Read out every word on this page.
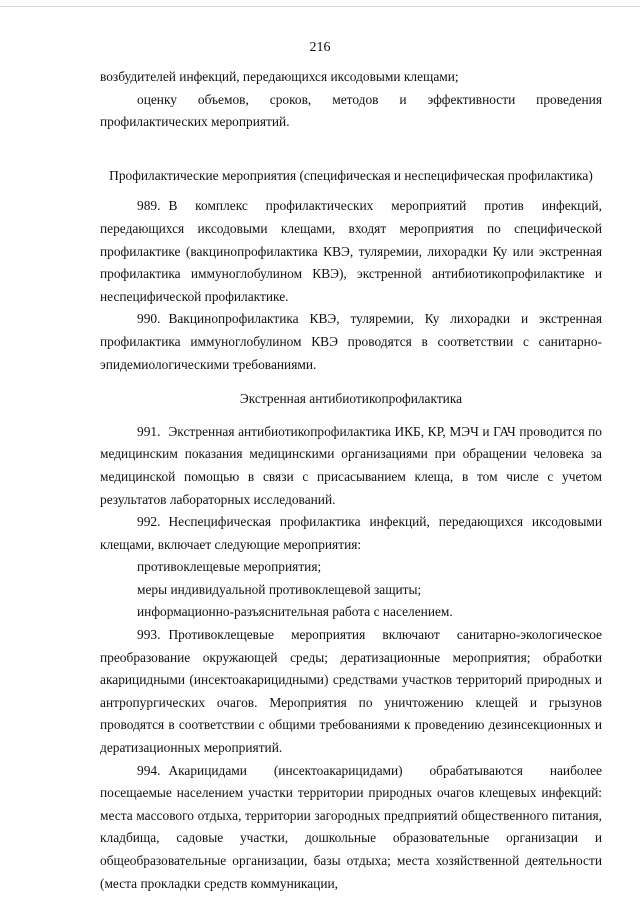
216

возбудителей инфекций, передающихся иксодовыми клещами;

оценку объемов, сроков, методов и эффективности проведения профилактических мероприятий.

Профилактические мероприятия (специфическая и неспецифическая профилактика)

989. В комплекс профилактических мероприятий против инфекций, передающихся иксодовыми клещами, входят мероприятия по специфической профилактике (вакцинопрофилактика КВЭ, туляремии, лихорадки Ку или экстренная профилактика иммуноглобулином КВЭ), экстренной антибиотикопрофилактике и неспецифической профилактике.

990. Вакцинопрофилактика КВЭ, туляремии, Ку лихорадки и экстренная профилактика иммуноглобулином КВЭ проводятся в соответствии с санитарно-эпидемиологическими требованиями.

Экстренная антибиотикопрофилактика

991. Экстренная антибиотикопрофилактика ИКБ, КР, МЭЧ и ГАЧ проводится по медицинским показания медицинскими организациями при обращении человека за медицинской помощью в связи с присасыванием клеща, в том числе с учетом результатов лабораторных исследований.

992. Неспецифическая профилактика инфекций, передающихся иксодовыми клещами, включает следующие мероприятия:

противоклещевые мероприятия;

меры индивидуальной противоклещевой защиты;

информационно-разъяснительная работа с населением.

993. Противоклещевые мероприятия включают санитарно-экологическое преобразование окружающей среды; дератизационные мероприятия; обработки акарицидными (инсектоакарицидными) средствами участков территорий природных и антропургических очагов. Мероприятия по уничтожению клещей и грызунов проводятся в соответствии с общими требованиями к проведению дезинсекционных и дератизационных мероприятий.

994. Акарицидами (инсектоакарицидами) обрабатываются наиболее посещаемые населением участки территории природных очагов клещевых инфекций: места массового отдыха, территории загородных предприятий общественного питания, кладбища, садовые участки, дошкольные образовательные организации и общеобразовательные организации, базы отдыха; места хозяйственной деятельности (места прокладки средств коммуникации,
